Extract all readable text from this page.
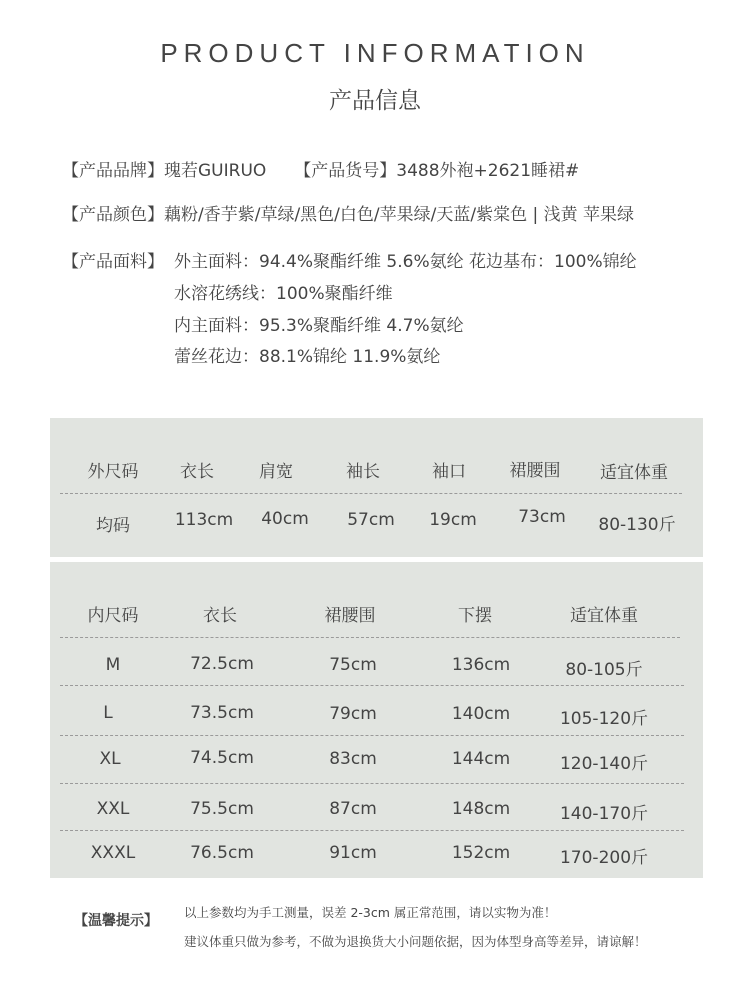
PRODUCT INFORMATION
产品信息
【产品品牌】瑰若GUIRUO 【产品货号】3488外袍+2621睡裙#
【产品颜色】藕粉/香芋紫/草绿/黑色/白色/苹果绿/天蓝/紫棠色 | 浅黄 苹果绿
【产品面料】 外主面料：94.4%聚酯纤维 5.6%氨纶 花边基布：100%锦纶
水溶花绣线：100%聚酯纤维
内主面料：95.3%聚酯纤维 4.7%氨纶
蕾丝花边：88.1%锦纶 11.9%氨纶
外尺码 衣长	肩宽	袖长	袖口	裙腰围 适宜体重
均码	113cm 40cm 57cm 19cm 73cm 80-130斤
内尺码	衣长	裙腰围	下摆	适宜体重
M	72.5cm	75cm	136cm	80-105斤
L	73.5cm	79cm	140cm	105-120斤
XL	74.5cm	83cm	144cm	120-140斤
XXL	75.5cm	87cm	148cm	140-170斤
XXXL	76.5cm	91cm	152cm	170-200斤
【温馨提示】
以上参数均为手工测量，误差 2-3cm 属正常范围，请以实物为准！
建议体重只做为参考，不做为退换货大小问题依据，因为体型身高等差异，请谅解！
